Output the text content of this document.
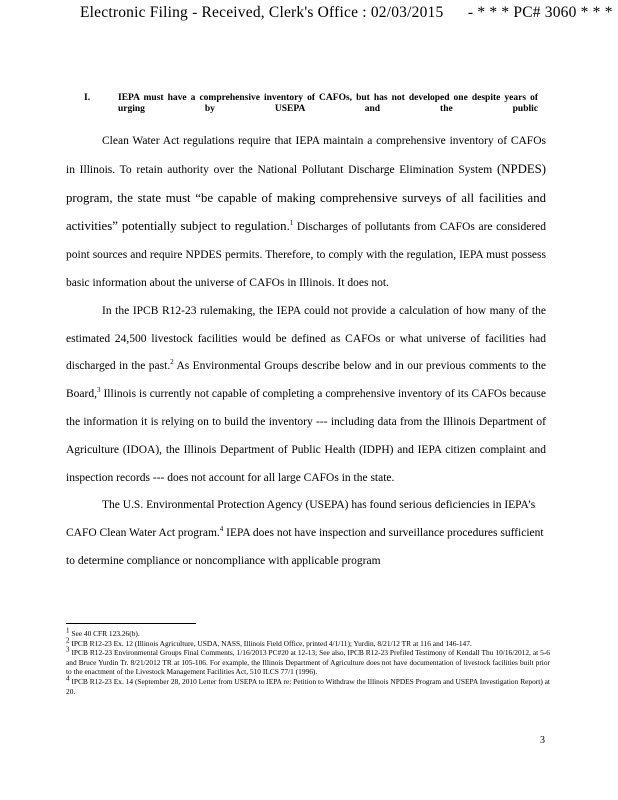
Electronic Filing - Received, Clerk's Office : 02/03/2015 - * * * PC# 3060 * * *
I.	IEPA must have a comprehensive inventory of CAFOs, but has not developed one despite years of urging by USEPA and the public

Clean Water Act regulations require that IEPA maintain a comprehensive inventory of CAFOs in Illinois. To retain authority over the National Pollutant Discharge Elimination System (NPDES) program, the state must “be capable of making comprehensive surveys of all facilities and activities” potentially subject to regulation.$^1$ Discharges of pollutants from CAFOs are considered point sources and require NPDES permits. Therefore, to comply with the regulation, IEPA must possess basic information about the universe of CAFOs in Illinois. It does not.

In the IPCB R12-23 rulemaking, the IEPA could not provide a calculation of how many of the estimated 24,500 livestock facilities would be defined as CAFOs or what universe of facilities had discharged in the past.$^2$ As Environmental Groups describe below and in our previous comments to the Board,$^3$ Illinois is currently not capable of completing a comprehensive inventory of its CAFOs because the information it is relying on to build the inventory --- including data from the Illinois Department of Agriculture (IDOA), the Illinois Department of Public Health (IDPH) and IEPA citizen complaint and inspection records --- does not account for all large CAFOs in the state.

The U.S. Environmental Protection Agency (USEPA) has found serious deficiencies in IEPA’s CAFO Clean Water Act program.$^4$ IEPA does not have inspection and surveillance procedures sufficient to determine compliance or noncompliance with applicable program

$^1$ See 40 CFR 123.26(b).
$^2$ IPCB R12-23 Ex. 12 (Illinois Agriculture, USDA, NASS, Illinois Field Office, printed 4/1/11); Yurdin, 8/21/12 TR at 116 and 146-147.
$^3$ IPCB R12-23 Environmental Groups Final Comments, 1/16/2013 PC#20 at 12-13; See also, IPCB R12-23 Prefiled Testimony of Kendall Thu 10/16/2012, at 5-6 and Bruce Yurdin Tr. 8/21/2012 TR at 105-106. For example, the Illinois Department of Agriculture does not have documentation of livestock facilities built prior to the enactment of the Livestock Management Facilities Act, 510 ILCS 77/1 (1996).
$^4$ IPCB R12-23 Ex. 14 (September 28, 2010 Letter from USEPA to IEPA re: Petition to Withdraw the Illinois NPDES Program and USEPA Investigation Report) at 20.
3
